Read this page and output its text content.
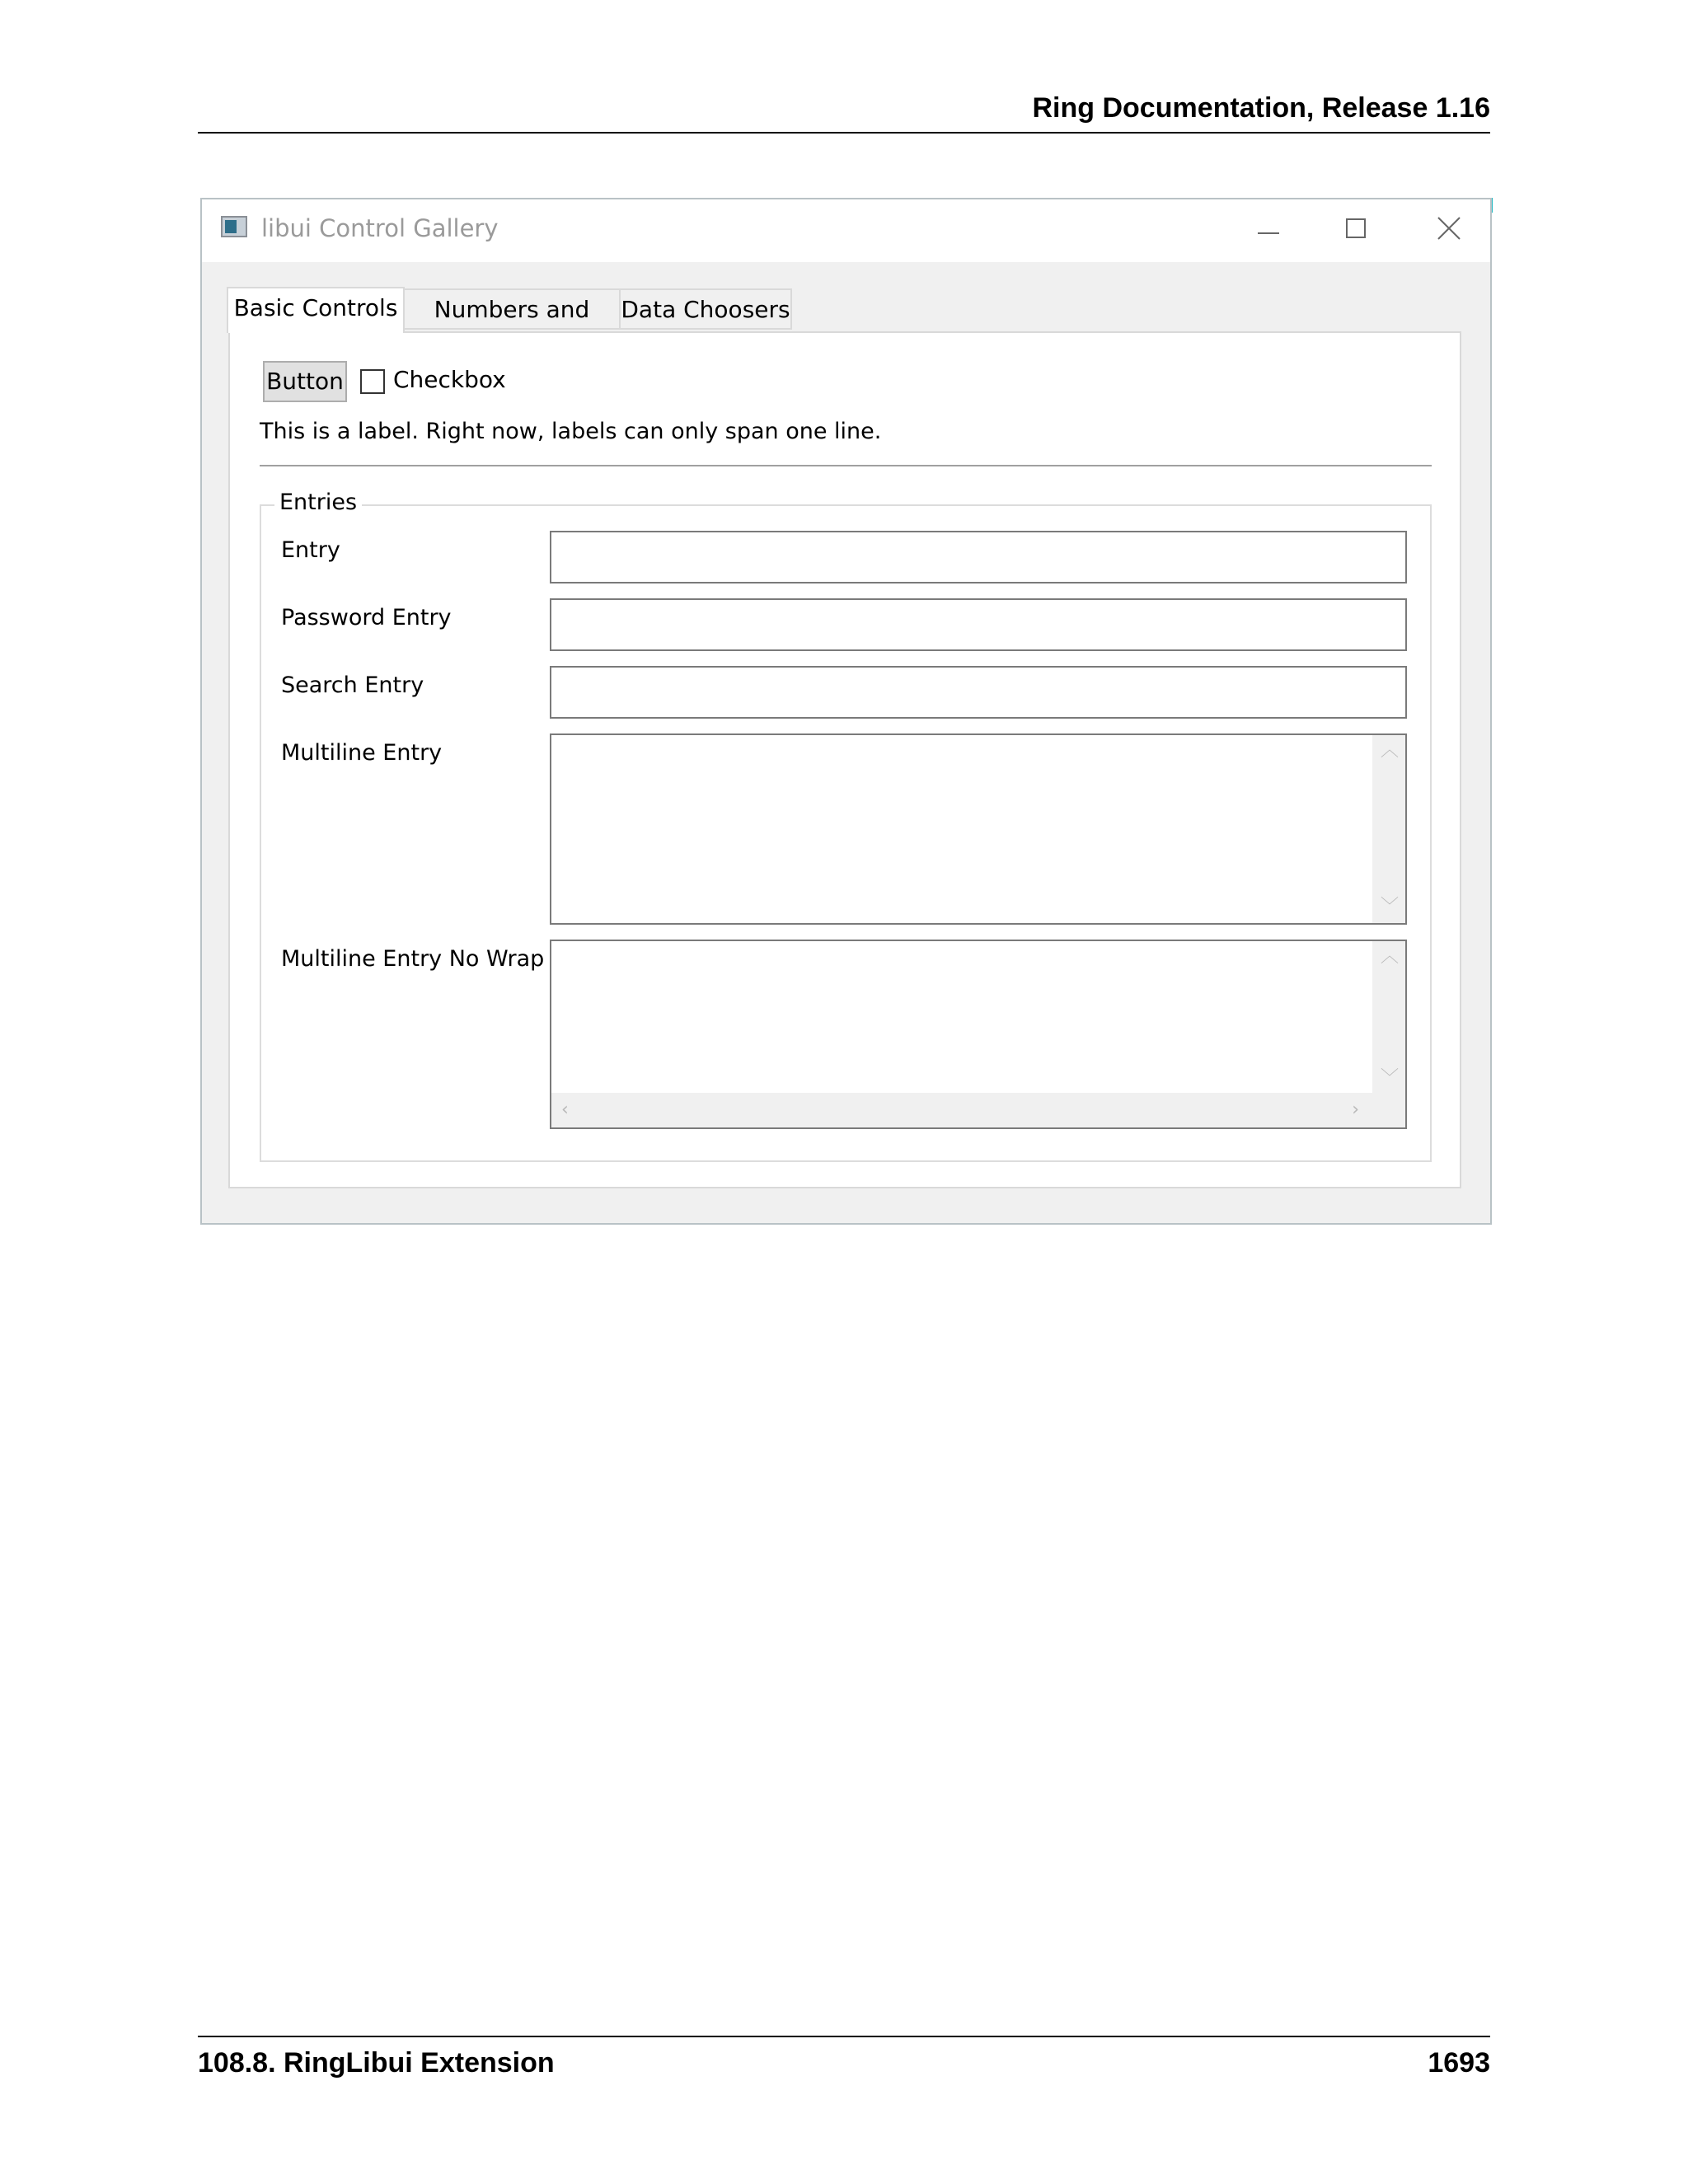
Ring Documentation, Release 1.16
libui Control Gallery
Basic Controls	Numbers and	Data Choosers
Button Checkbox
This is a label. Right now, labels can only span one line.
Entries
Entry
Password Entry
Search Entry
Multiline Entry	︿
﹀
Multiline Entry No Wrap	︿
﹀
‹	›
108.8. RingLibui Extension	1693
